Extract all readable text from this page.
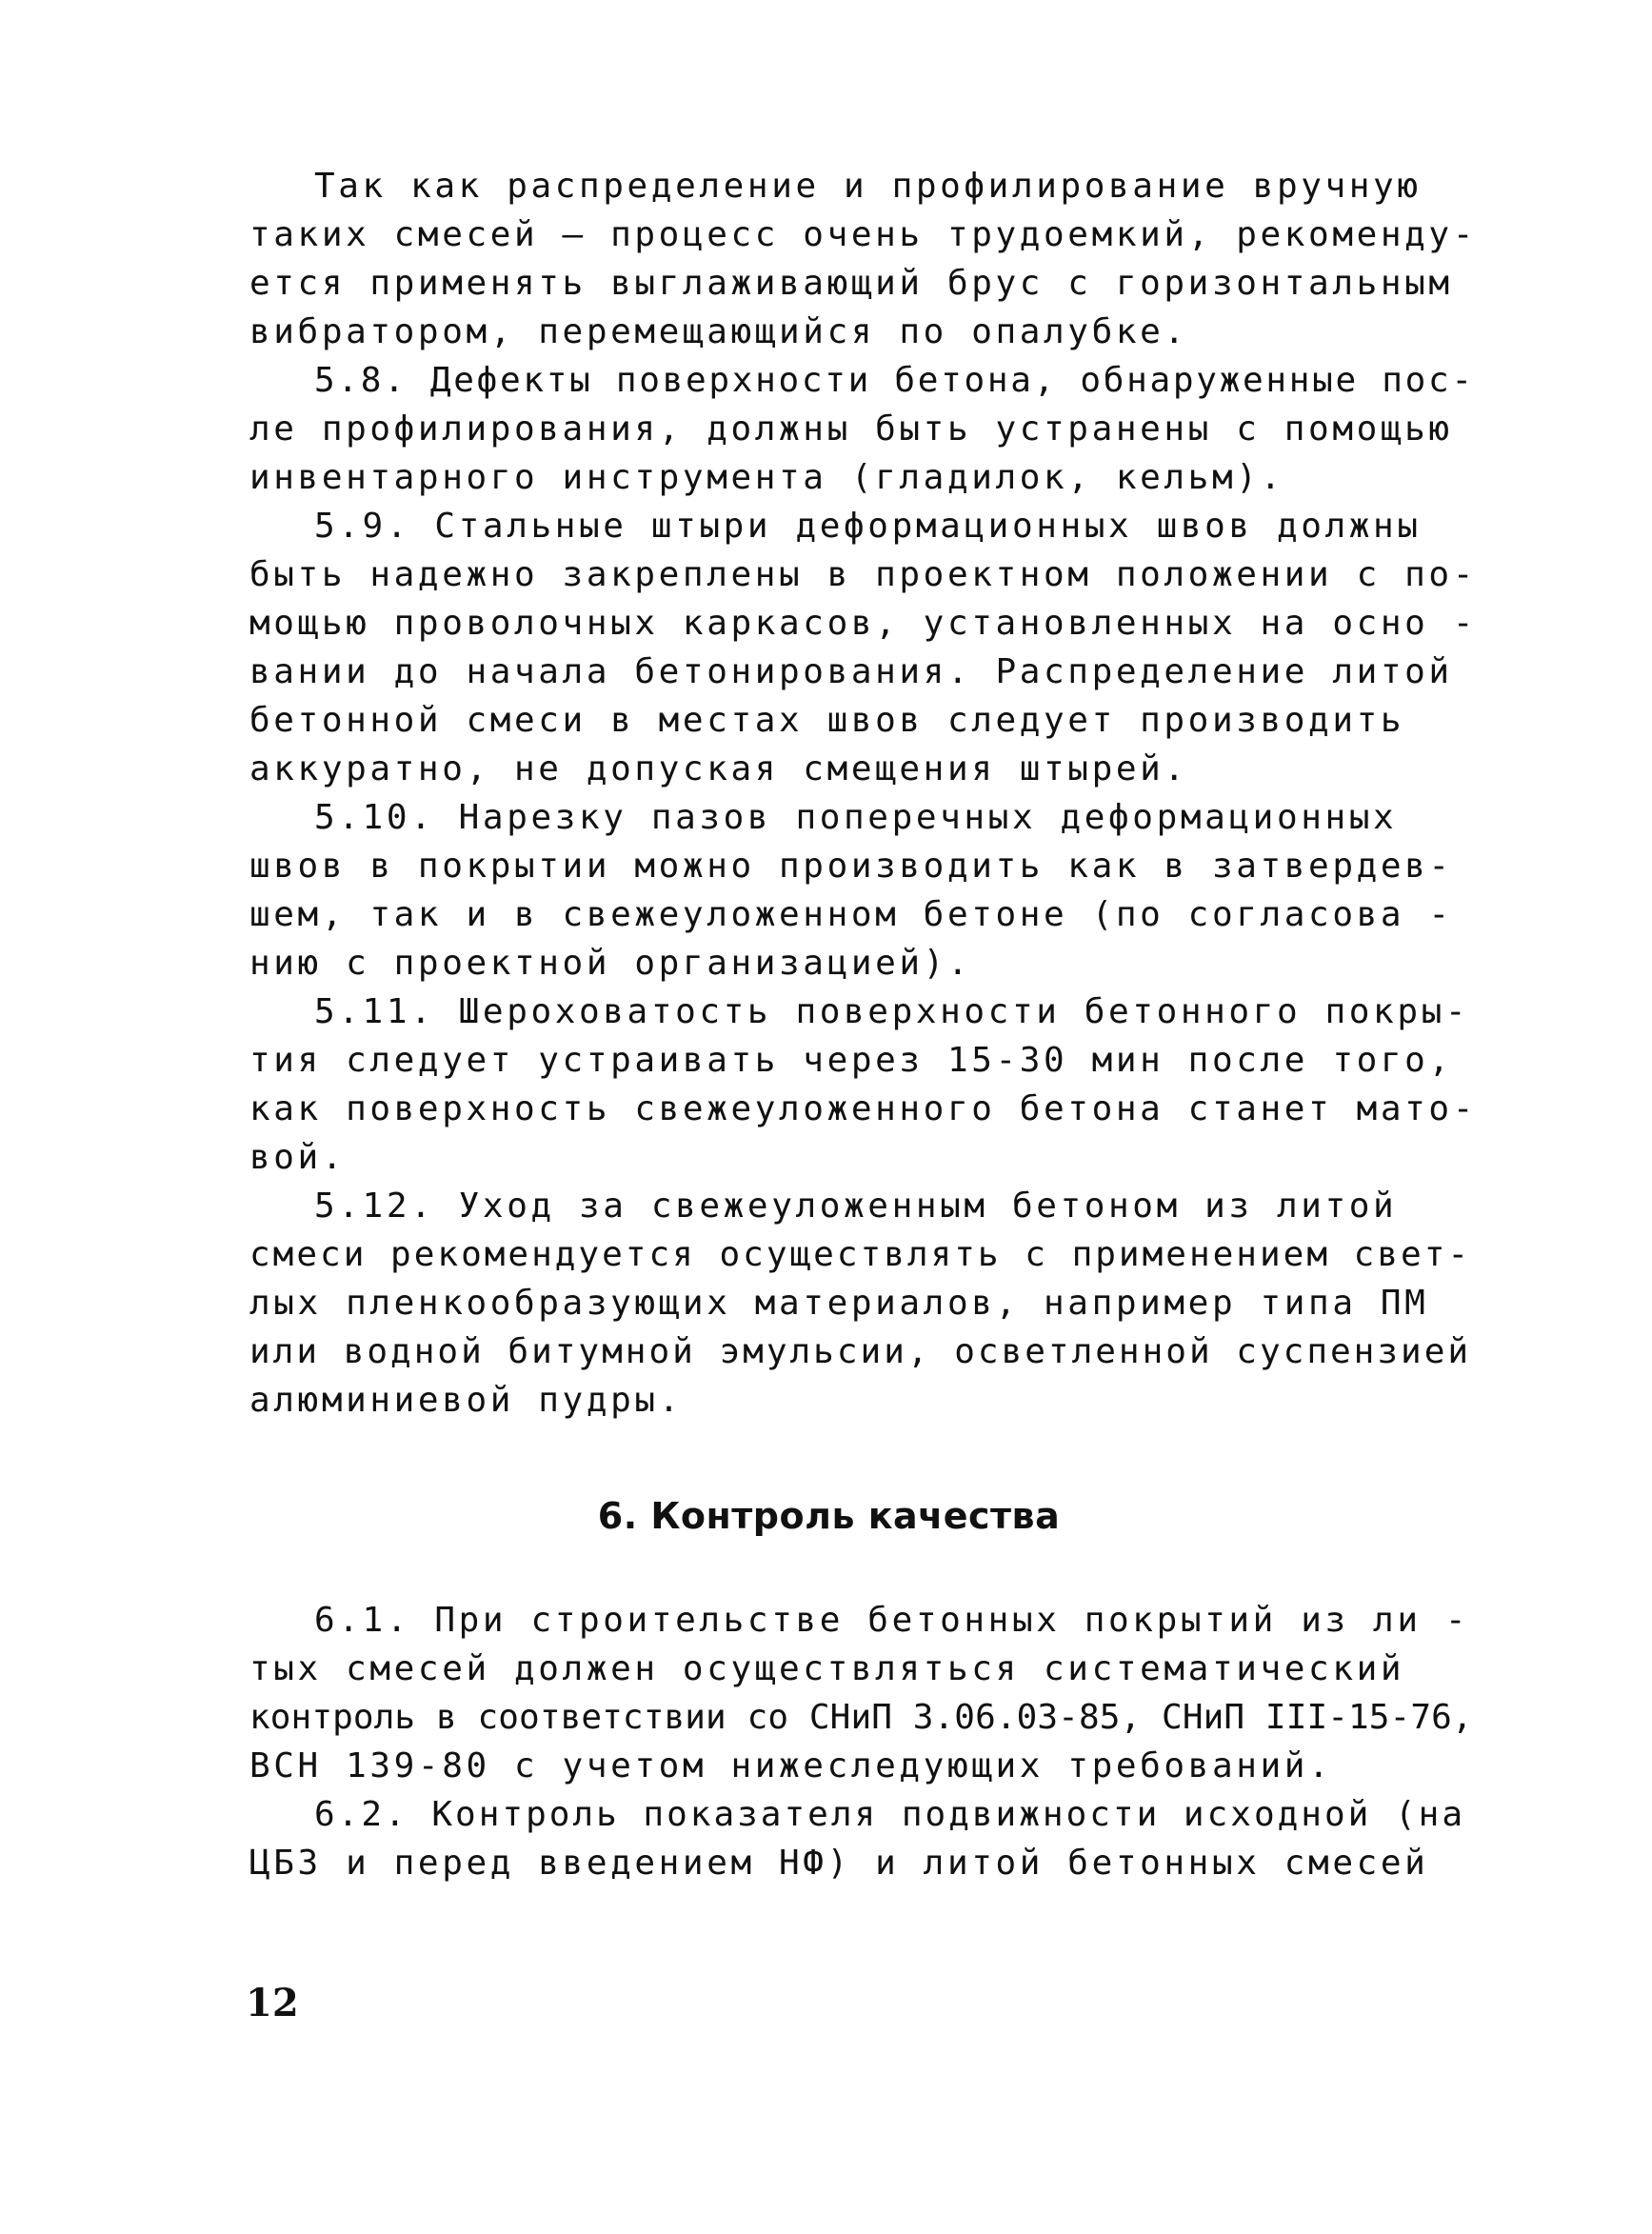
Так как распределение и профилирование вручную
таких смесей – процесс очень трудоемкий, рекоменду-
ется применять выглаживающий брус с горизонтальным
вибратором, перемещающийся по опалубке.
5.8. Дефекты поверхности бетона, обнаруженные пос-
ле профилирования, должны быть устранены с помощью
инвентарного инструмента (гладилок, кельм).
5.9. Стальные штыри деформационных швов должны
быть надежно закреплены в проектном положении с по-
мощью проволочных каркасов, установленных на осно -
вании до начала бетонирования. Распределение литой
бетонной смеси в местах швов следует производить
аккуратно, не допуская смещения штырей.
5.10. Нарезку пазов поперечных деформационных
швов в покрытии можно производить как в затвердев-
шем, так и в свежеуложенном бетоне (по согласова -
нию с проектной организацией).
5.11. Шероховатость поверхности бетонного покры-
тия следует устраивать через 15-30 мин после того,
как поверхность свежеуложенного бетона станет мато-
вой.
5.12. Уход за свежеуложенным бетоном из литой
смеси рекомендуется осуществлять с применением свет-
лых пленкообразующих материалов, например типа ПМ
или водной битумной эмульсии, осветленной суспензией
алюминиевой пудры.
6. Контроль качества
6.1. При строительстве бетонных покрытий из ли -
тых смесей должен осуществляться систематический
контроль в соответствии со СНиП 3.06.03-85, СНиП III-15-76,
ВСН 139-80 с учетом нижеследующих требований.
6.2. Контроль показателя подвижности исходной (на
ЦБЗ и перед введением НФ) и литой бетонных смесей
12
